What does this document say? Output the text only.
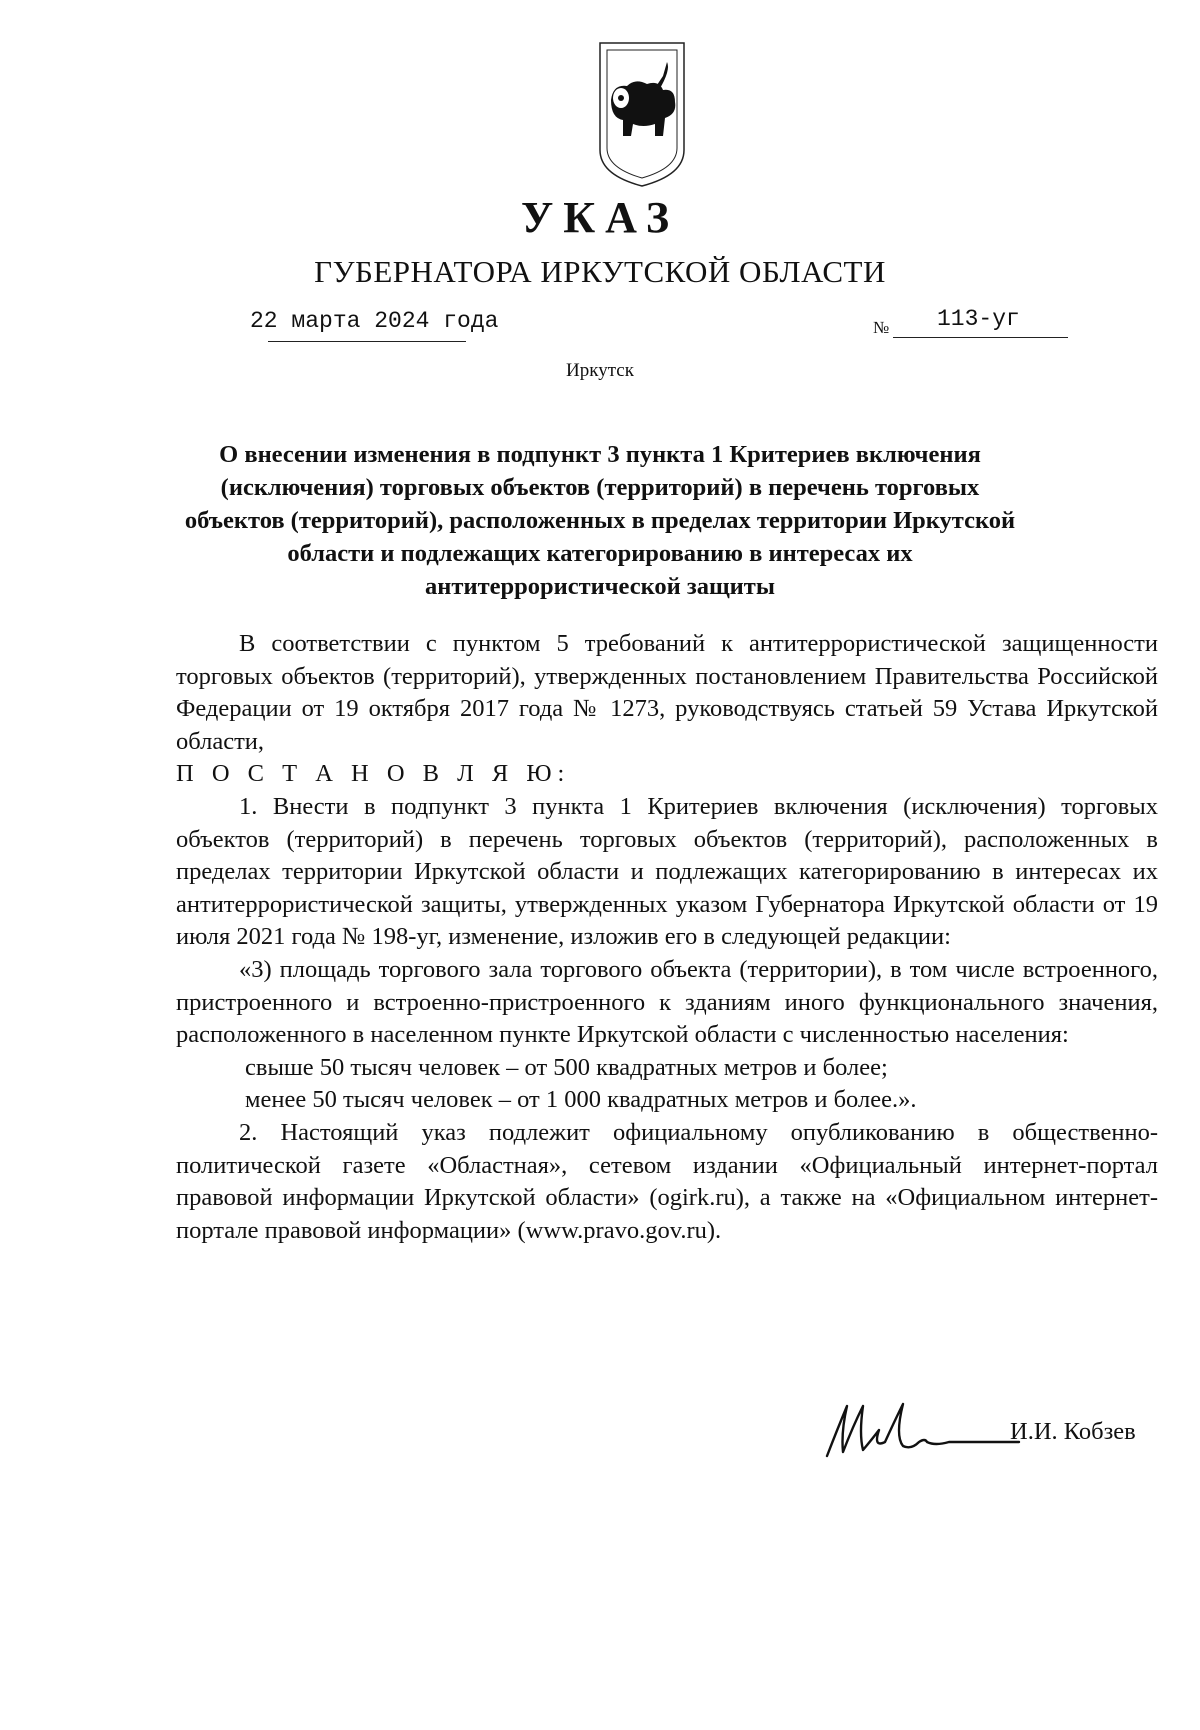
УКАЗ
ГУБЕРНАТОРА ИРКУТСКОЙ ОБЛАСТИ
22 марта 2024 года	№ 113-уг
Иркутск
О внесении изменения в подпункт 3 пункта 1 Критериев включения
(исключения) торговых объектов (территорий) в перечень торговых
объектов (территорий), расположенных в пределах территории Иркутской
области и подлежащих категорированию в интересах их
антитеррористической защиты

В соответствии с пунктом 5 требований к антитеррористической защищенности торговых объектов (территорий), утвержденных постановлением Правительства Российской Федерации от 19 октября 2017 года № 1273, руководствуясь статьей 59 Устава Иркутской области,

П О С Т А Н О В Л Я Ю:

1. Внести в подпункт 3 пункта 1 Критериев включения (исключения) торговых объектов (территорий) в перечень торговых объектов (территорий), расположенных в пределах территории Иркутской области и подлежащих категорированию в интересах их антитеррористической защиты, утвержденных указом Губернатора Иркутской области от 19 июля 2021 года № 198-уг, изменение, изложив его в следующей редакции:

«3) площадь торгового зала торгового объекта (территории), в том числе встроенного, пристроенного и встроенно-пристроенного к зданиям иного функционального значения, расположенного в населенном пункте Иркутской области с численностью населения:

свыше 50 тысяч человек – от 500 квадратных метров и более;

менее 50 тысяч человек – от 1 000 квадратных метров и более.».

2. Настоящий указ подлежит официальному опубликованию в общественно-политической газете «Областная», сетевом издании «Официальный интернет-портал правовой информации Иркутской области» (ogirk.ru), а также на «Официальном интернет-портале правовой информации» (www.pravo.gov.ru).

И.И. Кобзев
